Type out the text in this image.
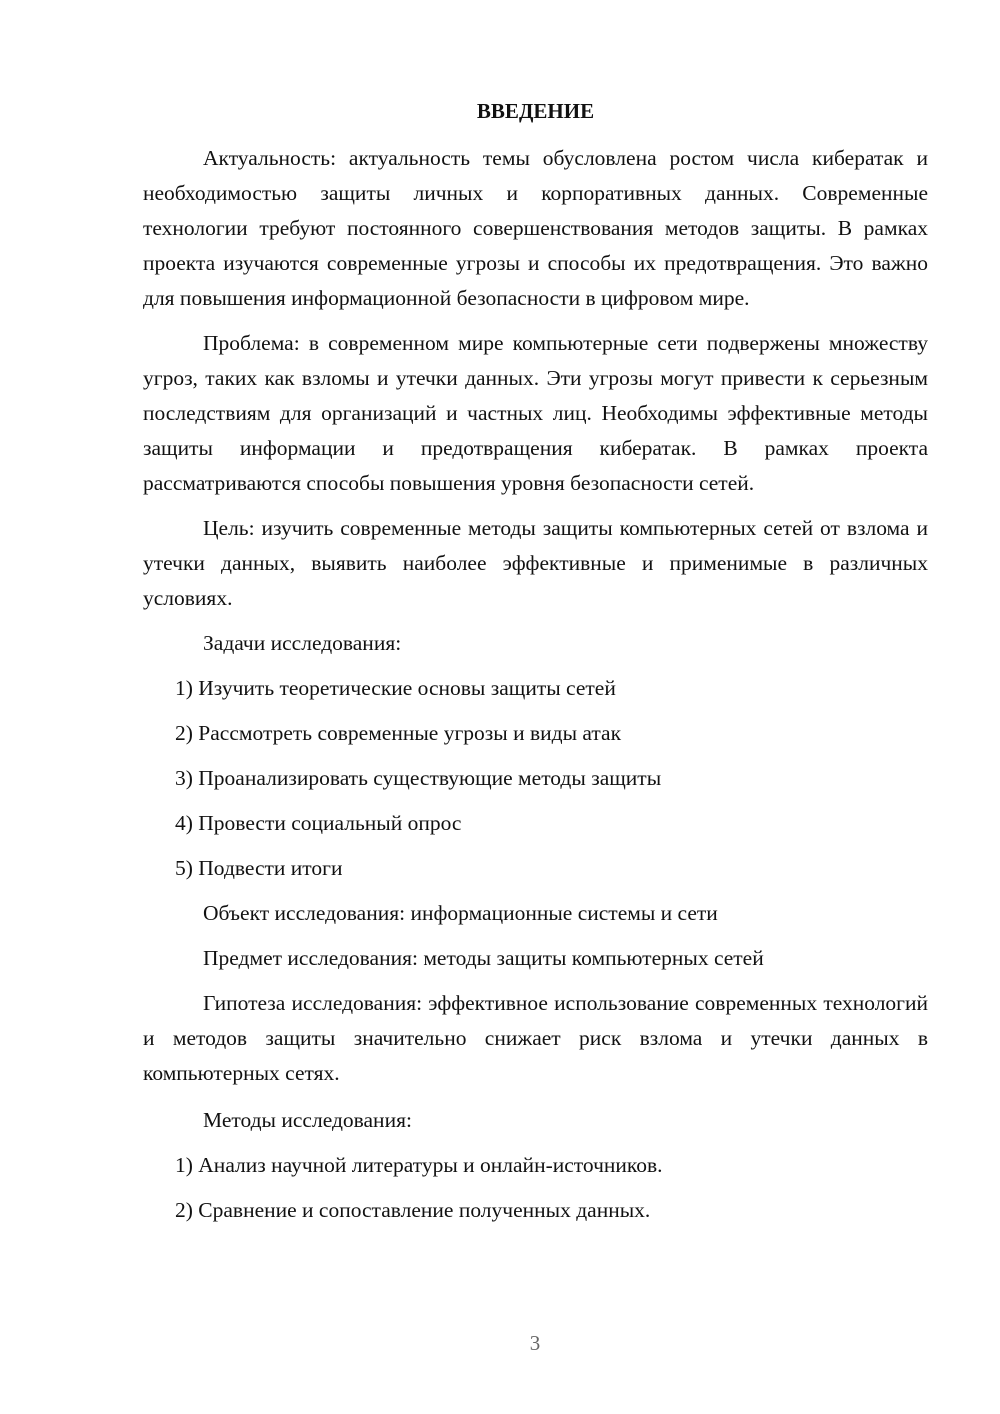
ВВЕДЕНИЕ

Актуальность: актуальность темы обусловлена ростом числа кибератак и необходимостью защиты личных и корпоративных данных. Современные технологии требуют постоянного совершенствования методов защиты. В рамках проекта изучаются современные угрозы и способы их предотвращения. Это важно для повышения информационной безопасности в цифровом мире.

Проблема: в современном мире компьютерные сети подвержены множеству угроз, таких как взломы и утечки данных. Эти угрозы могут привести к серьезным последствиям для организаций и частных лиц. Необходимы эффективные методы защиты информации и предотвращения кибератак. В рамках проекта рассматриваются способы повышения уровня безопасности сетей.

Цель: изучить современные методы защиты компьютерных сетей от взлома и утечки данных, выявить наиболее эффективные и применимые в различных условиях.

Задачи исследования:

1) Изучить теоретические основы защиты сетей

2) Рассмотреть современные угрозы и виды атак

3) Проанализировать существующие методы защиты

4) Провести социальный опрос

5) Подвести итоги

Объект исследования: информационные системы и сети

Предмет исследования: методы защиты компьютерных сетей

Гипотеза исследования: эффективное использование современных технологий и методов защиты значительно снижает риск взлома и утечки данных в компьютерных сетях.

Методы исследования:

1) Анализ научной литературы и онлайн-источников.

2) Сравнение и сопоставление полученных данных.

3
